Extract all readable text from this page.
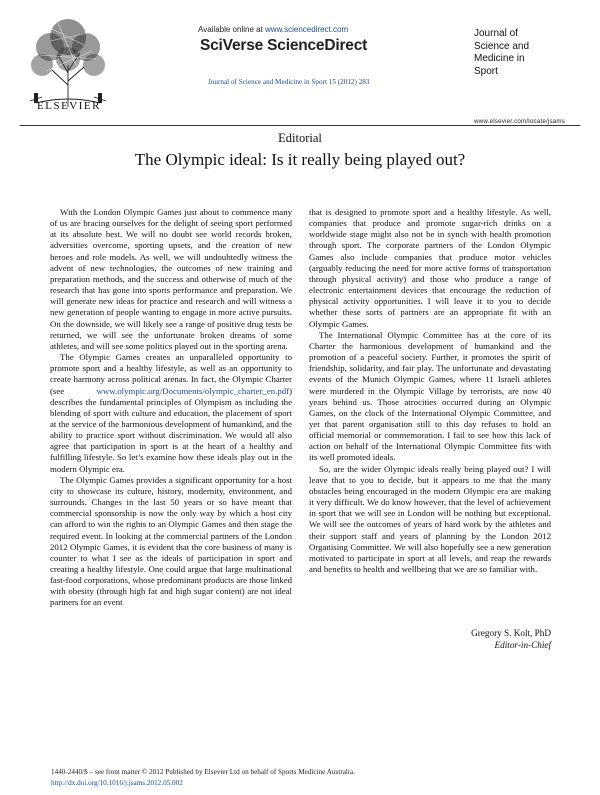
ELSEVIER
Available online at www.sciencedirect.com
SciVerse ScienceDirect
Journal of Science and Medicine in Sport 15 (2012) 283
Journal of
Science and
Medicine in
Sport
www.elsevier.com/locate/jsams
Editorial
The Olympic ideal: Is it really being played out?

With the London Olympic Games just about to commence many of us are bracing ourselves for the delight of seeing sport performed at its absolute best. We will no doubt see world records broken, adversities overcome, sporting upsets, and the creation of new heroes and role models. As well, we will undoubtedly witness the advent of new technologies, the outcomes of new training and preparation methods, and the success and otherwise of much of the research that has gone into sports performance and preparation. We will generate new ideas for practice and research and will witness a new generation of people wanting to engage in more active pursuits. On the downside, we will likely see a range of positive drug tests be returned, we will see the unfortunate broken dreams of some athletes, and will see some politics played out in the sporting arena.

The Olympic Games creates an unparalleled opportunity to promote sport and a healthy lifestyle, as well as an opportunity to create harmony across political arenas. In fact, the Olympic Charter (see www.olympic.org/Documents/olympic_charter_en.pdf) describes the fundamental principles of Olympism as including the blending of sport with culture and education, the placement of sport at the service of the harmonious development of humankind, and the ability to practice sport without discrimination. We would all also agree that participation in sport is at the heart of a healthy and fulfilling lifestyle. So let’s examine how these ideals play out in the modern Olympic era.

The Olympic Games provides a significant opportunity for a host city to showcase its culture, history, modernity, environment, and surrounds. Changes in the last 50 years or so have meant that commercial sponsorship is now the only way by which a host city can afford to win the rights to an Olympic Games and then stage the required event. In looking at the commercial partners of the London 2012 Olympic Games, it is evident that the core business of many is counter to what I see as the ideals of participation in sport and creating a healthy lifestyle. One could argue that large multinational fast-food corporations, whose predominant products are those linked with obesity (through high fat and high sugar content) are not ideal partners for an event

that is designed to promote sport and a healthy lifestyle. As well, companies that produce and promote sugar-rich drinks on a worldwide stage might also not be in synch with health promotion through sport. The corporate partners of the London Olympic Games also include companies that produce motor vehicles (arguably reducing the need for more active forms of transportation through physical activity) and those who produce a range of electronic entertainment devices that encourage the reduction of physical activity opportunities. I will leave it to you to decide whether these sorts of partners are an appropriate fit with an Olympic Games.

The International Olympic Committee has at the core of its Charter the harmonious development of humankind and the promotion of a peaceful society. Further, it promotes the spirit of friendship, solidarity, and fair play. The unfortunate and devastating events of the Munich Olympic Games, where 11 Israeli athletes were murdered in the Olympic Village by terrorists, are now 40 years behind us. Those atrocities occurred during an Olympic Games, on the clock of the International Olympic Committee, and yet that parent organisation still to this day refuses to hold an official memorial or commemoration. I fail to see how this lack of action on behalf of the International Olympic Committee fits with its well promoted ideals.

So, are the wider Olympic ideals really being played out? I will leave that to you to decide, but it appears to me that the many obstacles being encouraged in the modern Olympic era are making it very difficult. We do know however, that the level of achievement in sport that we will see in London will be nothing but exceptional. We will see the outcomes of years of hard work by the athletes and their support staff and years of planning by the London 2012 Organising Committee. We will also hopefully see a new generation motivated to participate in sport at all levels, and reap the rewards and benefits to health and wellbeing that we are so familiar with.

Gregory S. Kolt, PhD
Editor-in-Chief
1440-2440/$ – see front matter © 2012 Published by Elsevier Ltd on behalf of Sports Medicine Australia.
http://dx.doi.org/10.1016/j.jsams.2012.05.002
